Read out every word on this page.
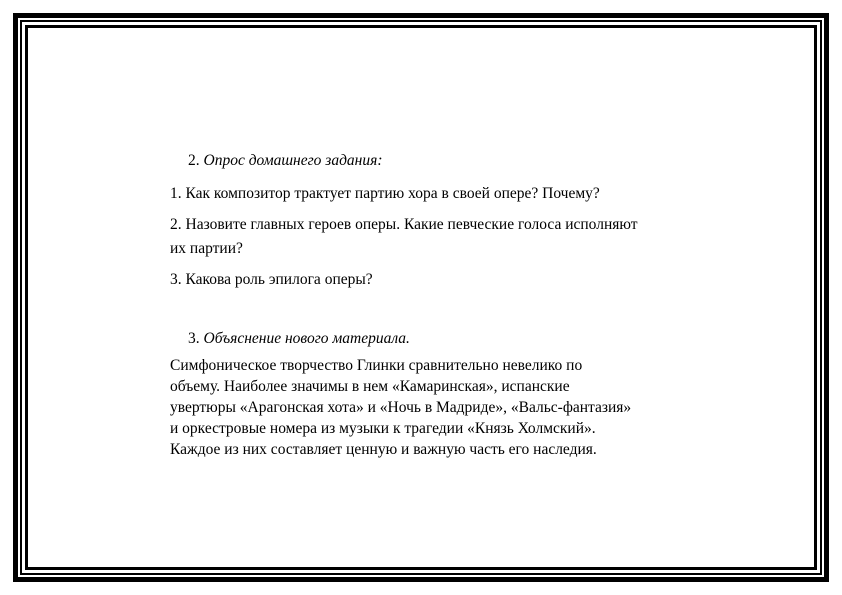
2. Опрос домашнего задания:

1. Как композитор трактует партию хора в своей опере? Почему?

2. Назовите главных героев оперы. Какие певческие голоса исполняют
их партии?

3. Какова роль эпилога оперы?

3. Объяснение нового материала.

Симфоническое творчество Глинки сравнительно невелико по
объему. Наиболее значимы в нем «Камаринская», испанские
увертюры «Арагонская хота» и «Ночь в Мадриде», «Вальс-фантазия»
и оркестровые номера из музыки к трагедии «Князь Холмский».
Каждое из них составляет ценную и важную часть его наследия.
